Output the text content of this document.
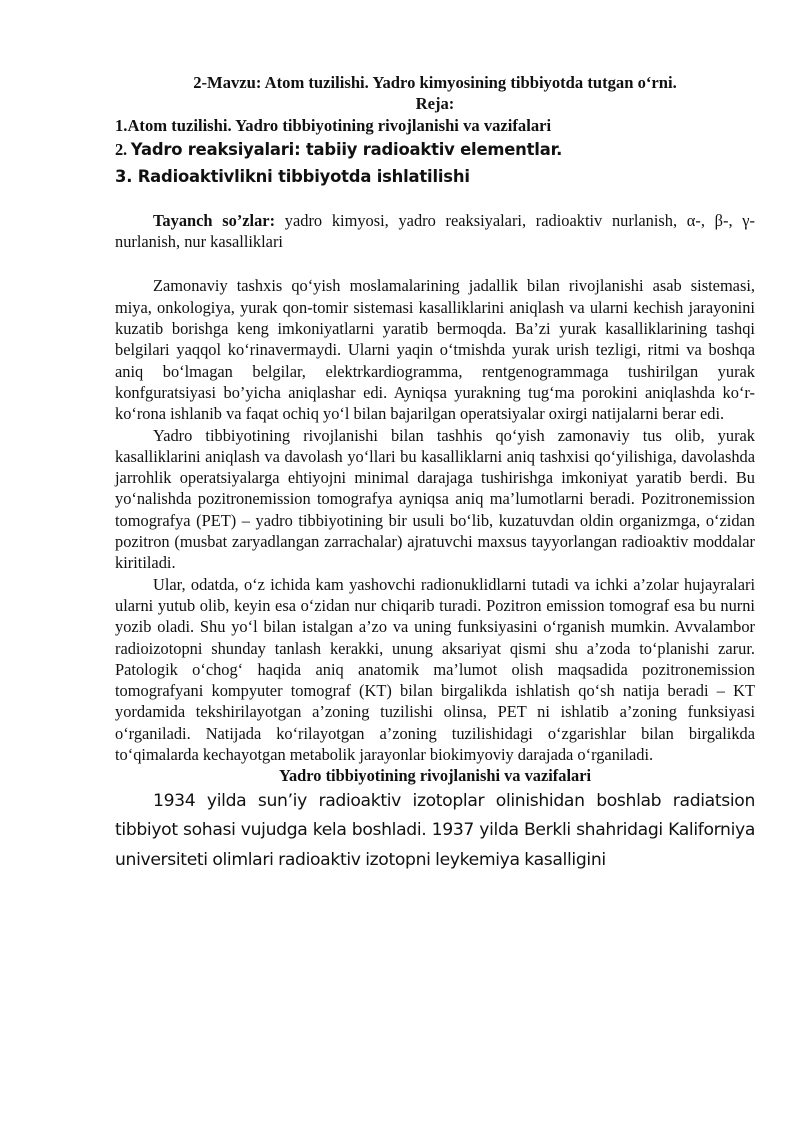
2-Mavzu: Atom tuzilishi. Yadro kimyosining tibbiyotda tutgan o‘rni.

Reja:

1.Atom tuzilishi. Yadro tibbiyotining rivojlanishi va vazifalari

2. Yadro reaksiyalari: tabiiy radioaktiv elementlar.

3. Radioaktivlikni tibbiyotda ishlatilishi

Tayanch so’zlar: yadro kimyosi, yadro reaksiyalari, radioaktiv nurlanish, α-, β-, γ- nurlanish, nur kasalliklari

Zamonaviy tashxis qo‘yish moslamalarining jadallik bilan rivojlanishi asab sistemasi, miya, onkologiya, yurak qon-tomir sistemasi kasalliklarini aniqlash va ularni kechish jarayonini kuzatib borishga keng imkoniyatlarni yaratib bermoqda. Ba’zi yurak kasalliklarining tashqi belgilari yaqqol ko‘rinavermaydi. Ularni yaqin o‘tmishda yurak urish tezligi, ritmi va boshqa aniq bo‘lmagan belgilar, elektrkardiogramma, rentgenogrammaga tushirilgan yurak konfguratsiyasi bo’yicha aniqlashar edi. Ayniqsa yurakning tug‘ma porokini aniqlashda ko‘r-ko‘rona ishlanib va faqat ochiq yo‘l bilan bajarilgan operatsiyalar oxirgi natijalarni berar edi.

Yadro tibbiyotining rivojlanishi bilan tashhis qo‘yish zamonaviy tus olib, yurak kasalliklarini aniqlash va davolash yo‘llari bu kasalliklarni aniq tashxisi qo‘yilishiga, davolashda jarrohlik operatsiyalarga ehtiyojni minimal darajaga tushirishga imkoniyat yaratib berdi. Bu yo‘nalishda pozitronemission tomografya ayniqsa aniq ma’lumotlarni beradi. Pozitronemission tomografya (PET) – yadro tibbiyotining bir usuli bo‘lib, kuzatuvdan oldin organizmga, o‘zidan pozitron (musbat zaryadlangan zarrachalar) ajratuvchi maxsus tayyorlangan radioaktiv moddalar kiritiladi.

Ular, odatda, o‘z ichida kam yashovchi radionuklidlarni tutadi va ichki a’zolar hujayralari ularni yutub olib, keyin esa o‘zidan nur chiqarib turadi. Pozitron emission tomograf esa bu nurni yozib oladi. Shu yo‘l bilan istalgan a’zo va uning funksiyasini o‘rganish mumkin. Avvalambor radioizotopni shunday tanlash kerakki, unung aksariyat qismi shu a’zoda to‘planishi zarur. Patologik o‘chog‘ haqida aniq anatomik ma’lumot olish maqsadida pozitronemission tomografyani kompyuter tomograf (KT) bilan birgalikda ishlatish qo‘sh natija beradi – KT yordamida tekshirilayotgan a’zoning tuzilishi olinsa, PET ni ishlatib a’zoning funksiyasi o‘rganiladi. Natijada ko‘rilayotgan a’zoning tuzilishidagi o‘zgarishlar bilan birgalikda to‘qimalarda kechayotgan metabolik jarayonlar biokimyoviy darajada o‘rganiladi.

Yadro tibbiyotining rivojlanishi va vazifalari

1934 yilda sun’iy radioaktiv izotoplar olinishidan boshlab radiatsion tibbiyot sohasi vujudga kela boshladi. 1937 yilda Berkli shahridagi Kaliforniya universiteti olimlari radioaktiv izotopni leykemiya kasalligini
